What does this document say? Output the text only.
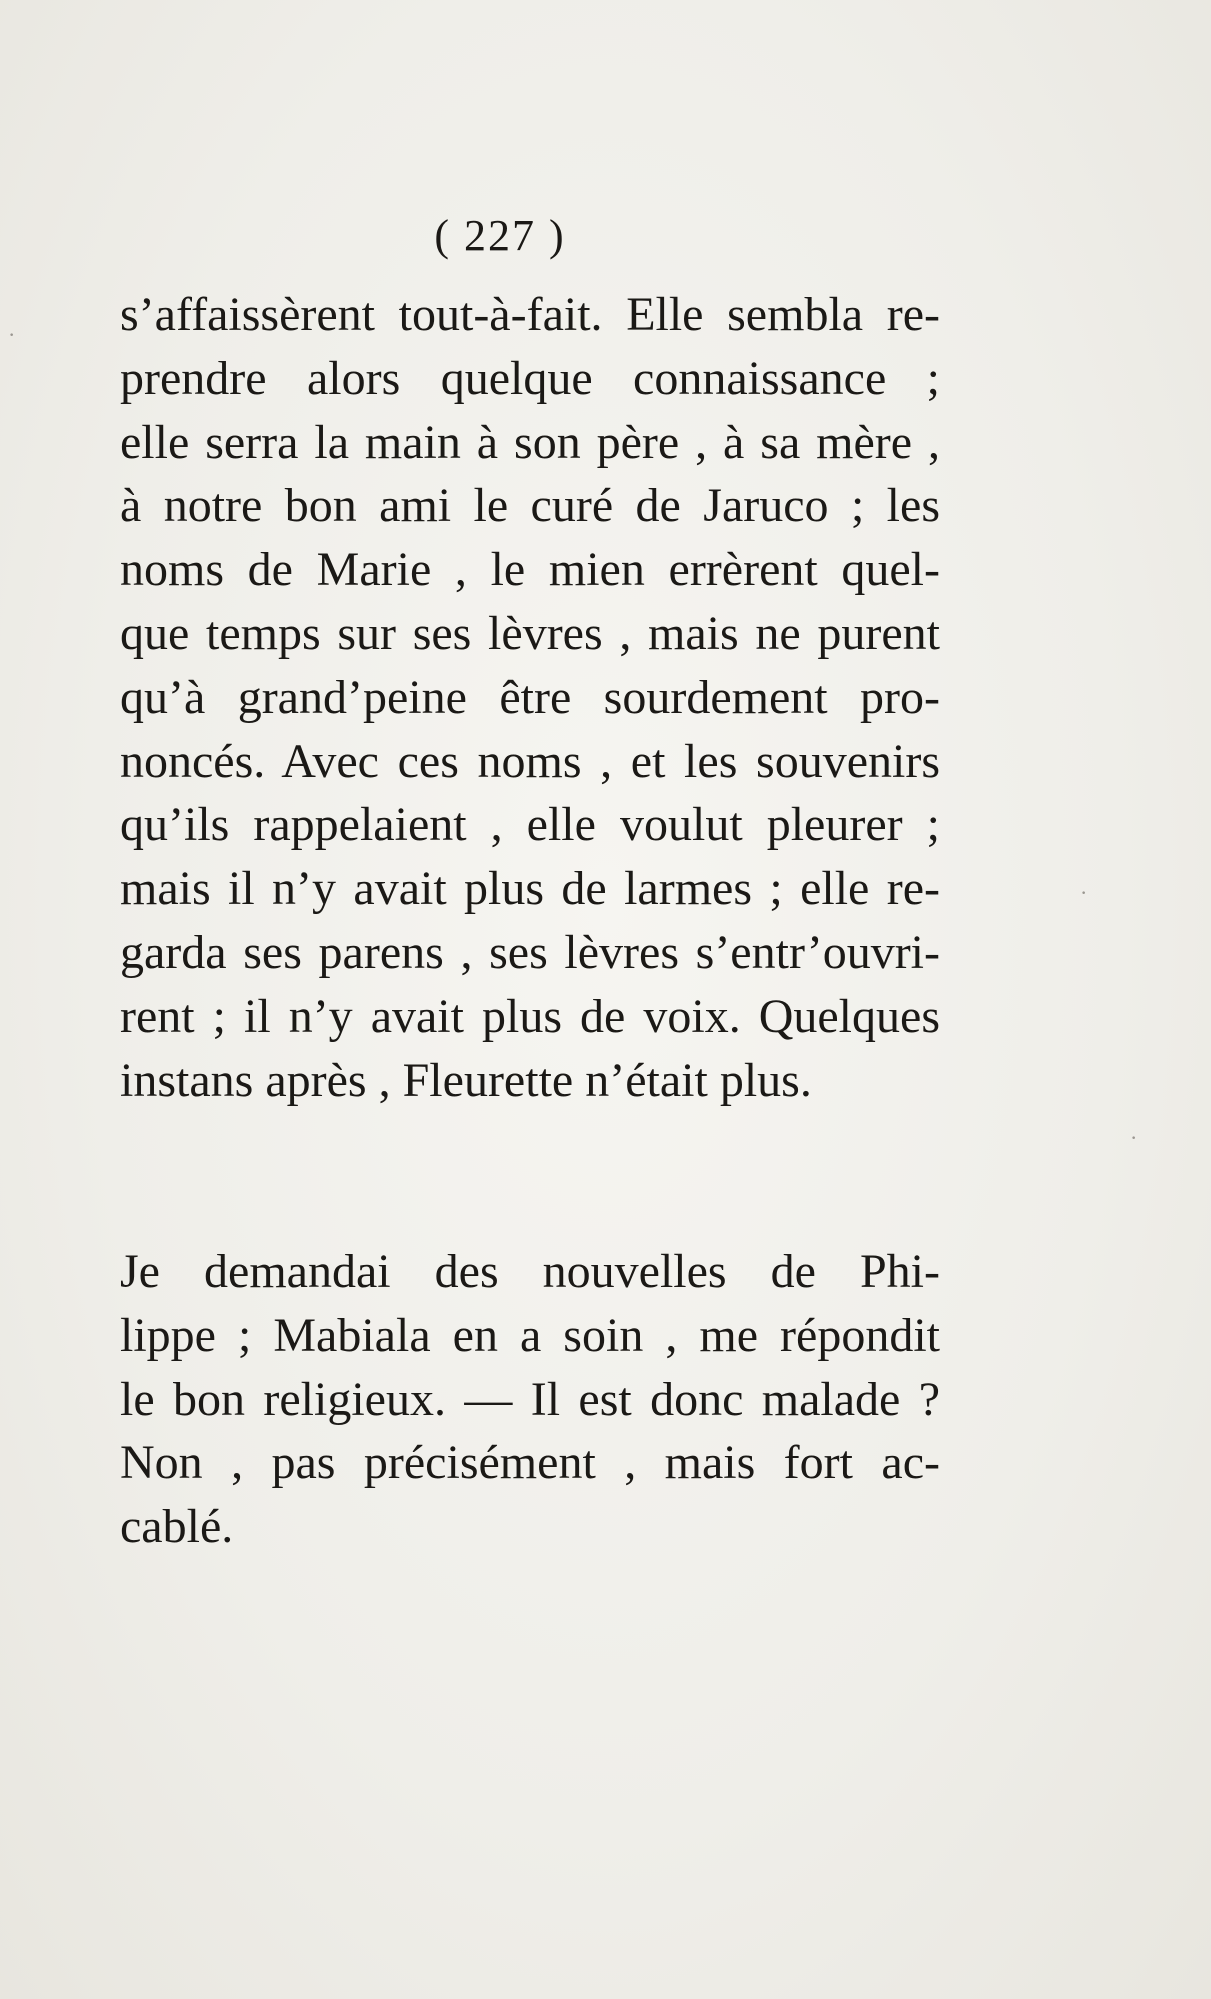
( 227 )
s’affaissèrent tout-à-fait. Elle sembla re-
prendre alors quelque connaissance ;
elle serra la main à son père , à sa mère ,
à notre bon ami le curé de Jaruco ; les
noms de Marie , le mien errèrent quel-
que temps sur ses lèvres , mais ne purent
qu’à grand’peine être sourdement pro-
noncés. Avec ces noms , et les souvenirs
qu’ils rappelaient , elle voulut pleurer ;
mais il n’y avait plus de larmes ; elle re-
garda ses parens , ses lèvres s’entr’ouvri-
rent ; il n’y avait plus de voix. Quelques
instans après , Fleurette n’était plus.
Je demandai des nouvelles de Phi-
lippe ; Mabiala en a soin , me répondit
le bon religieux. — Il est donc malade ?
Non , pas précisément , mais fort ac-
cablé.
·
·
·
